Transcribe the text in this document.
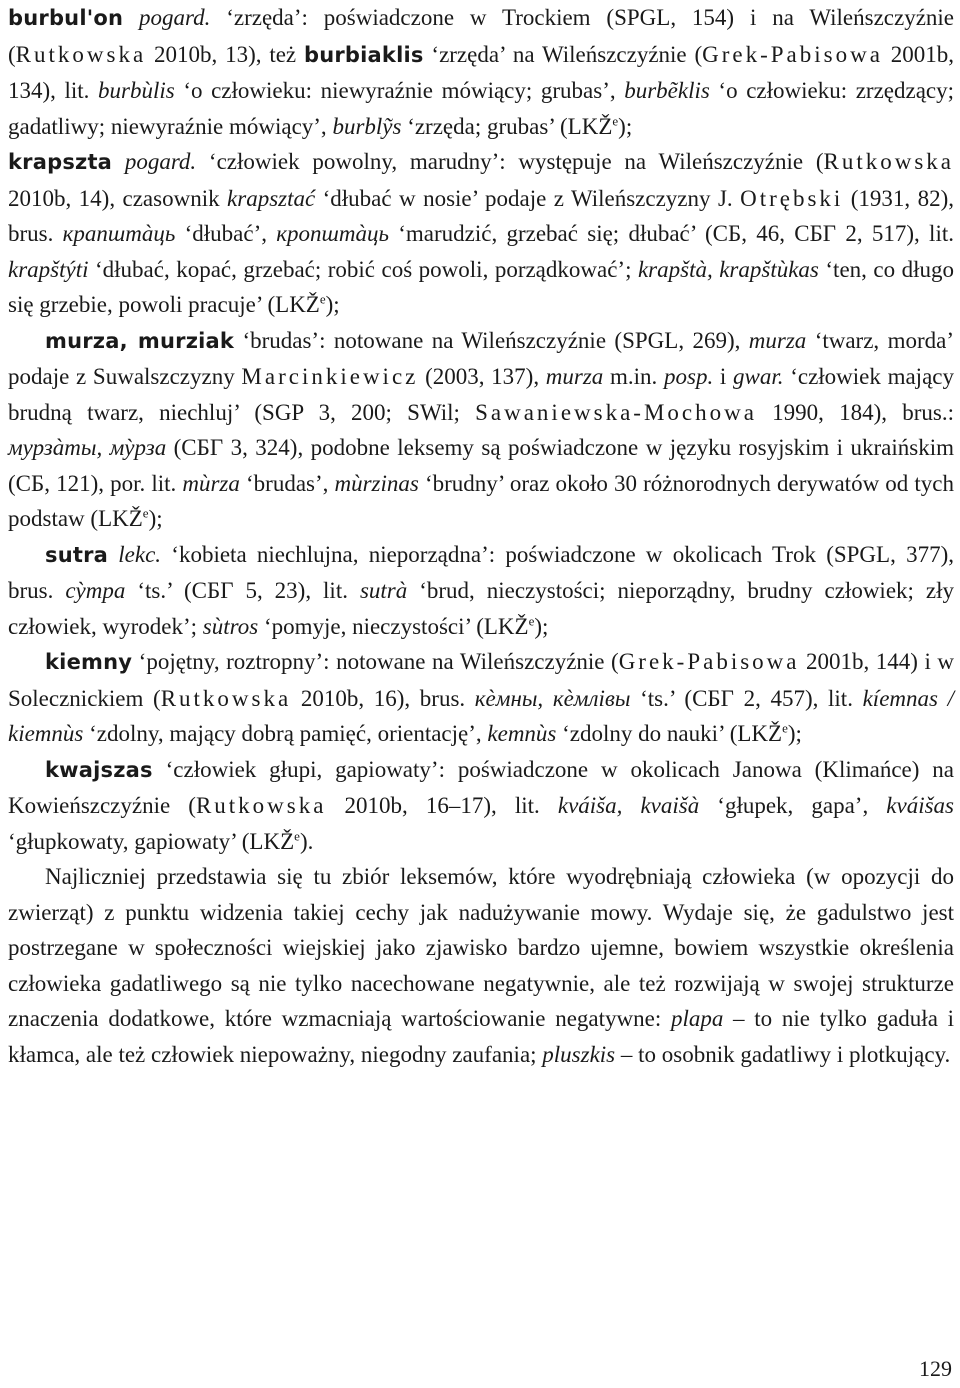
burbul'on pogard. ‘zrzęda’: poświadczone w Trockiem (SPGL, 154) i na Wileńszczyźnie (Rutkowska 2010b, 13), też burbiaklis ‘zrzęda’ na Wileńszczyźnie (Grek-Pabisowa 2001b, 134), lit. burbùlis ‘o człowieku: niewyraźnie mówiący; grubas’, burbẽklis ‘o człowieku: zrzędzący; gadatliwy; niewyraźnie mówiący’, burblỹs ‘zrzęda; grubas’ (LKŽ$^e$);

krapszta pogard. ‘człowiek powolny, marudny’: występuje na Wileńszczyźnie (Rutkowska 2010b, 14), czasownik krapsztać ‘dłubać w nosie’ podaje z Wileńszczyzny J. Otrębski (1931, 82), brus. крапштàць ‘dłubać’, кропштàць ‘marudzić, grzebać się; dłubać’ (СБ, 46, СБГ 2, 517), lit. krapštýti ‘dłubać, kopać, grzebać; robić coś powoli, porządkować’; krapštà, krapštùkas ‘ten, co długo się grzebie, powoli pracuje’ (LKŽ$^e$);

murza, murziak ‘brudas’: notowane na Wileńszczyźnie (SPGL, 269), murza ‘twarz, morda’ podaje z Suwalszczyzny Marcinkiewicz (2003, 137), murza m.in. posp. i gwar. ‘człowiek mający brudną twarz, niechluj’ (SGP 3, 200; SWil; Sawaniewska-Mochowa 1990, 184), brus.: мурзàты, мỳрза (СБГ 3, 324), podobne leksemy są poświadczone w języku rosyjskim i ukraińskim (СБ, 121), por. lit. mùrza ‘brudas’, mùrzinas ‘brudny’ oraz około 30 różnorodnych derywatów od tych podstaw (LKŽ$^e$);

sutra lekc. ‘kobieta niechlujna, nieporządna’: poświadczone w okolicach Trok (SPGL, 377), brus. сỳтра ‘ts.’ (СБГ 5, 23), lit. sutrà ‘brud, nieczystości; nieporządny, brudny człowiek; zły człowiek, wyrodek’; sùtros ‘pomyje, nieczystości’ (LKŽ$^e$);

kiemny ‘pojętny, roztropny’: notowane na Wileńszczyźnie (Grek-Pabisowa 2001b, 144) i w Solecznickiem (Rutkowska 2010b, 16), brus. кèмны, кèмлівы ‘ts.’ (СБГ 2, 457), lit. kíemnas / kiemnùs ‘zdolny, mający dobrą pamięć, orientację’, kemnùs ‘zdolny do nauki’ (LKŽ$^e$);

kwajszas ‘człowiek głupi, gapiowaty’: poświadczone w okolicach Janowa (Klimańce) na Kowieńszczyźnie (Rutkowska 2010b, 16–17), lit. kváiša, kvaišà ‘głupek, gapa’, kváišas ‘głupkowaty, gapiowaty’ (LKŽ$^e$).

Najliczniej przedstawia się tu zbiór leksemów, które wyodrębniają człowieka (w opozycji do zwierząt) z punktu widzenia takiej cechy jak nadużywanie mowy. Wydaje się, że gadulstwo jest postrzegane w społeczności wiejskiej jako zjawisko bardzo ujemne, bowiem wszystkie określenia człowieka gadatliwego są nie tylko nacechowane negatywnie, ale też rozwijają w swojej strukturze znaczenia dodatkowe, które wzmacniają wartościowanie negatywne: plapa – to nie tylko gaduła i kłamca, ale też człowiek niepoważny, niegodny zaufania; pluszkis – to osobnik gadatliwy i plotkujący.

129
